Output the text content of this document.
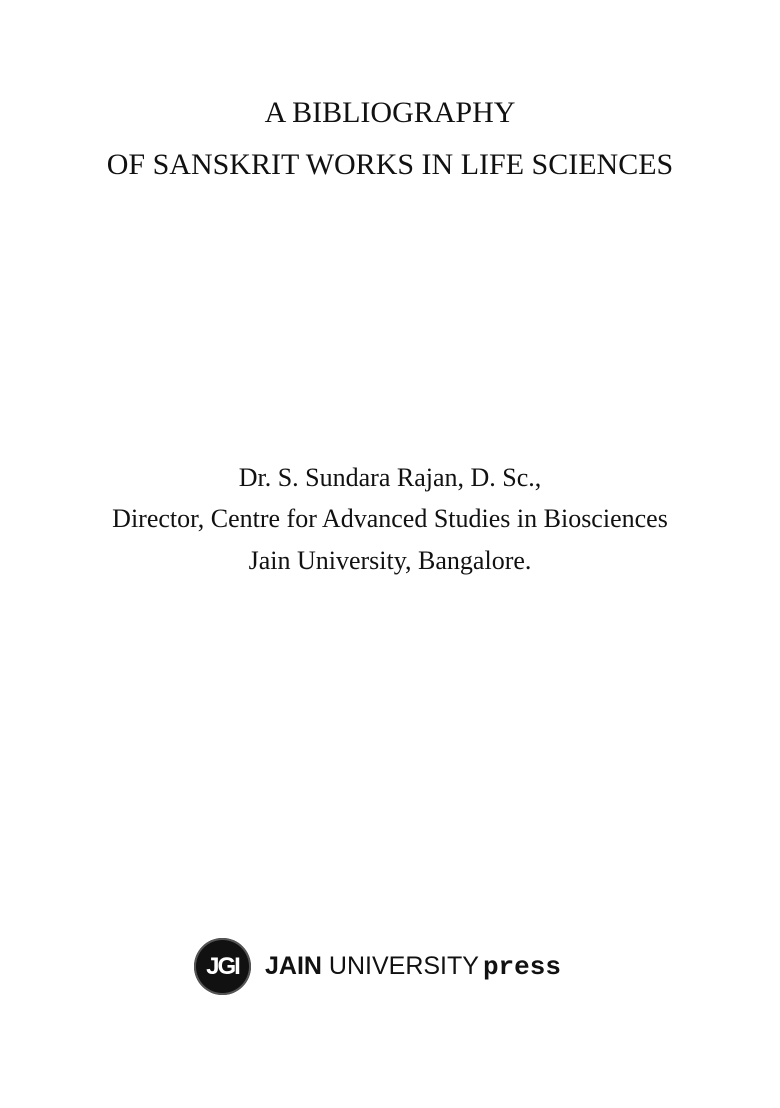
A BIBLIOGRAPHY
OF SANSKRIT WORKS IN LIFE SCIENCES
Dr. S. Sundara Rajan, D. Sc.,
Director, Centre for Advanced Studies in Biosciences
Jain University, Bangalore.
JGI	JAIN UNIVERSITY press
